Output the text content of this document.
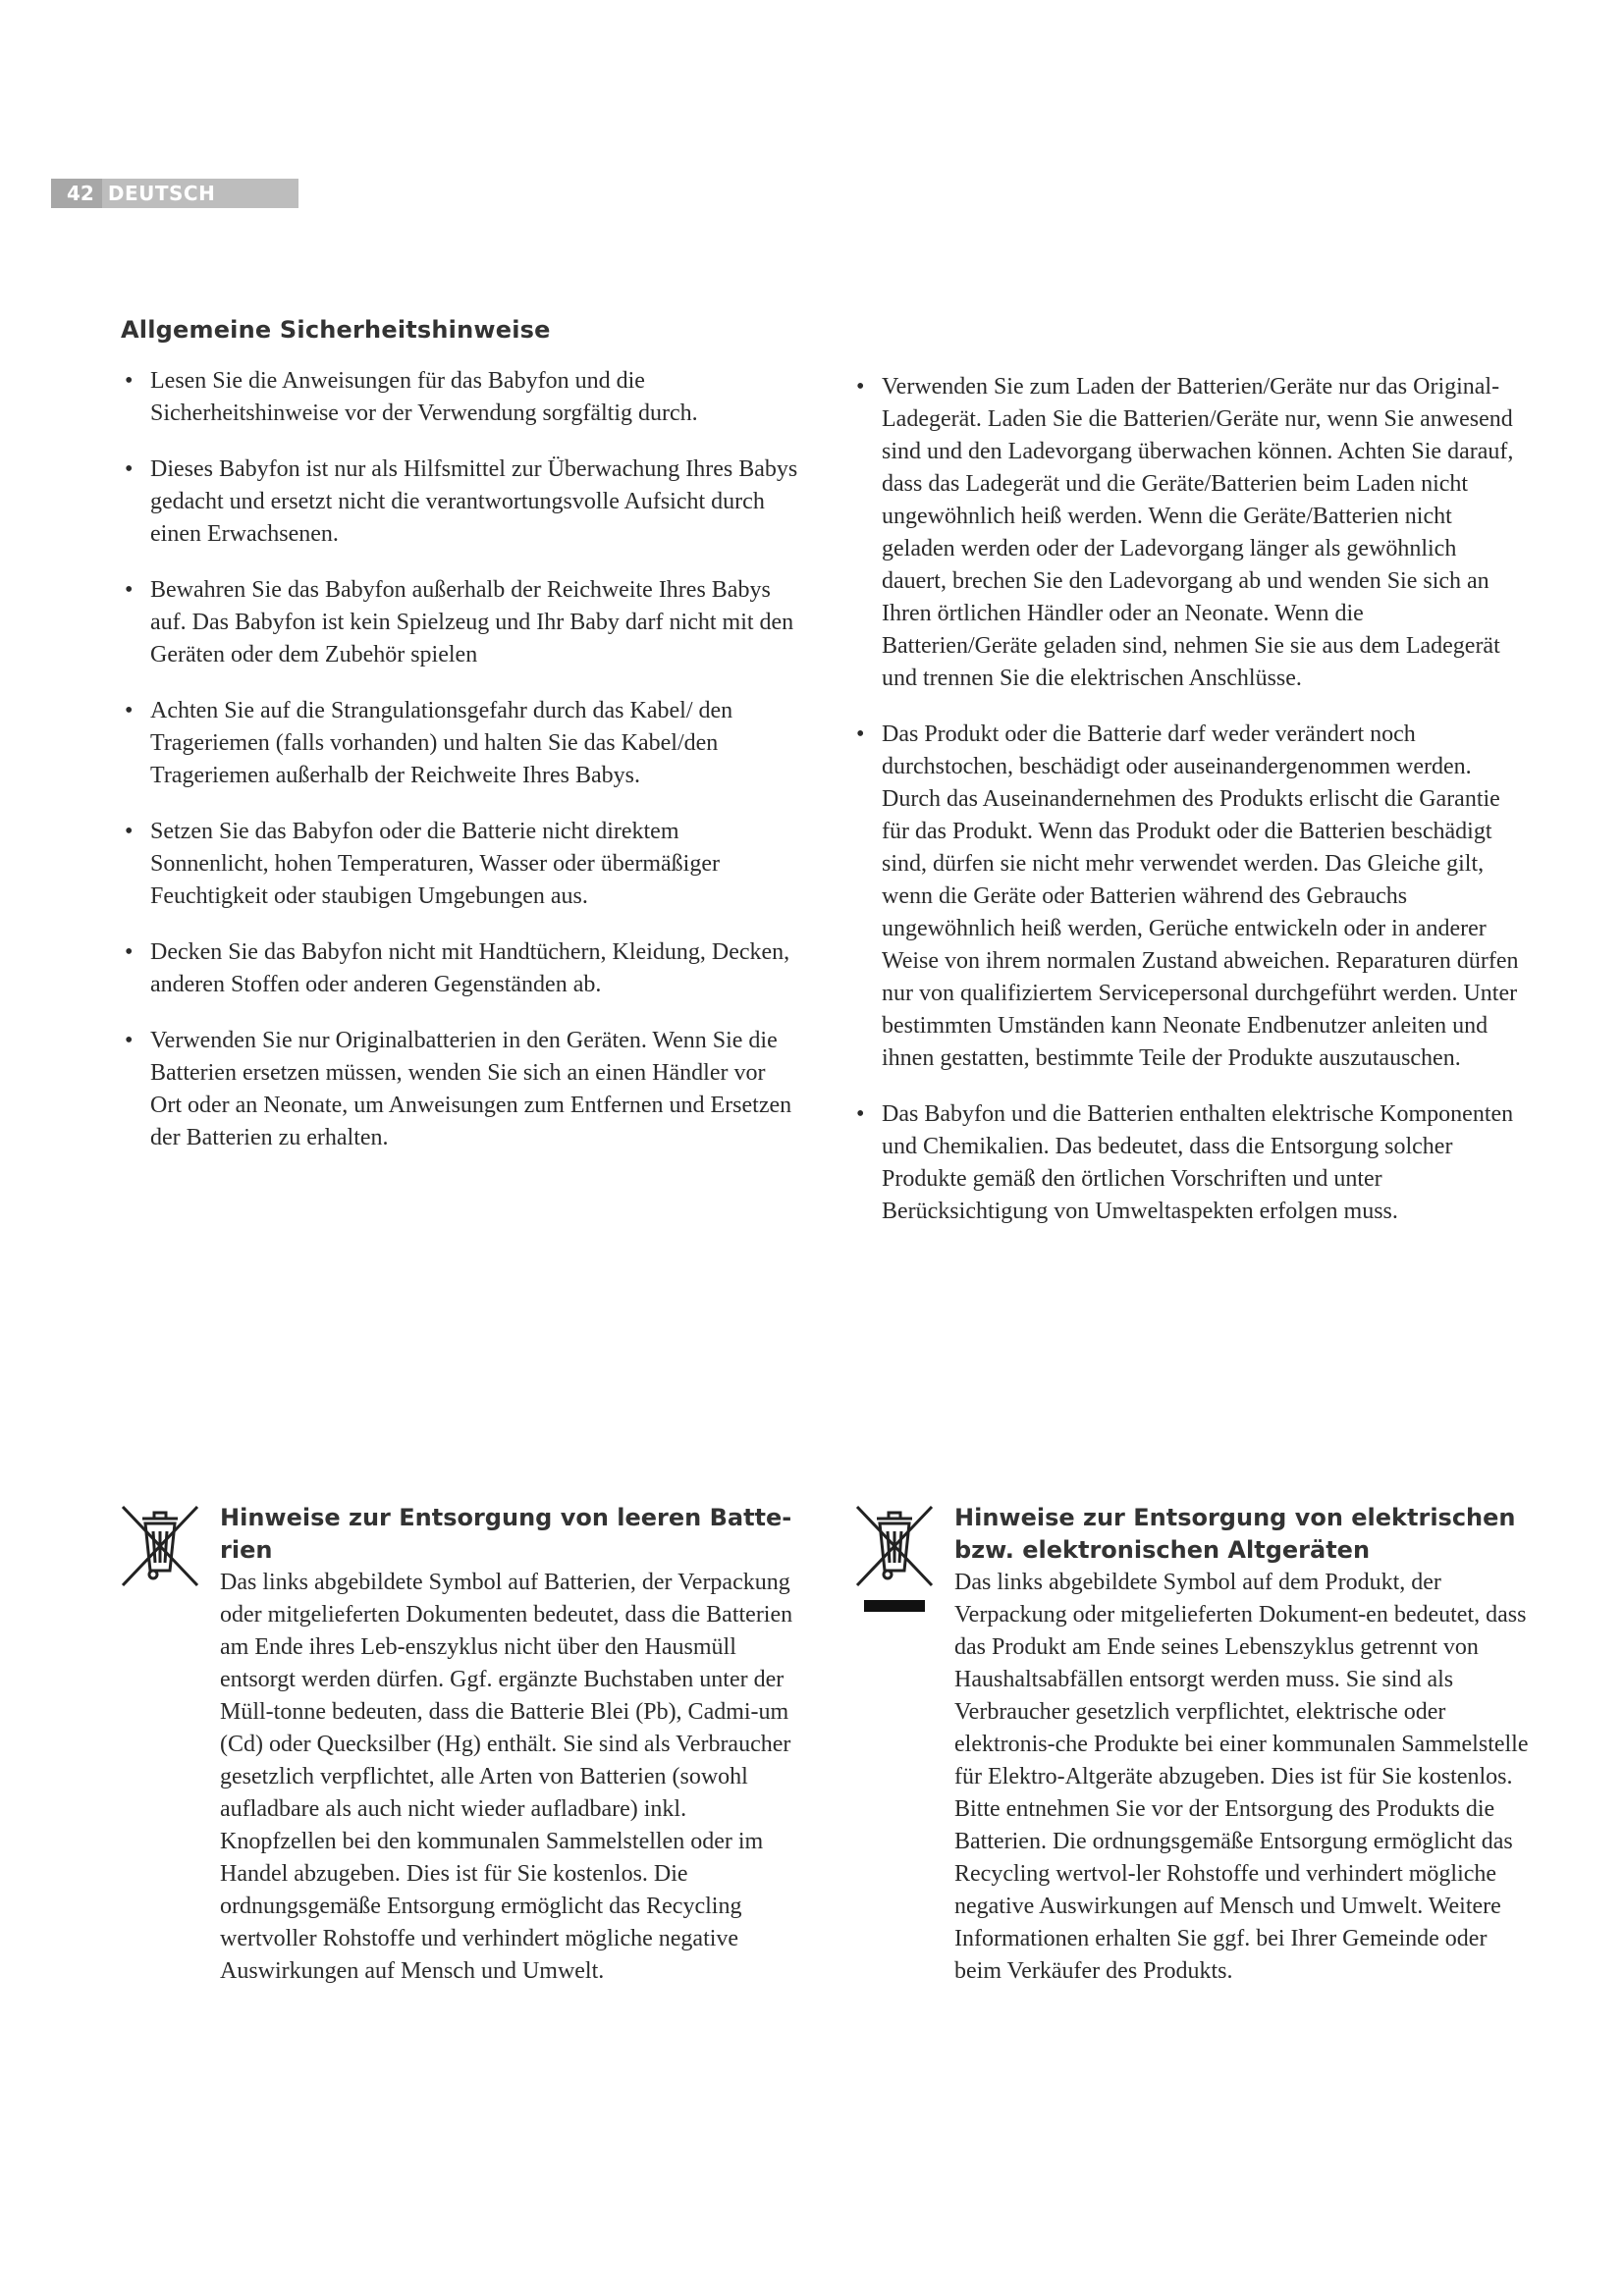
42 DEUTSCH
Allgemeine Sicherheitshinweise
• Lesen Sie die Anweisungen für das Babyfon und die Sicherheitshinweise vor der Verwendung sorgfältig durch.
• Dieses Babyfon ist nur als Hilfsmittel zur Überwachung Ihres Babys gedacht und ersetzt nicht die verantwortungsvolle Aufsicht durch einen Erwachsenen.
• Bewahren Sie das Babyfon außerhalb der Reichweite Ihres Babys auf. Das Babyfon ist kein Spielzeug und Ihr Baby darf nicht mit den Geräten oder dem Zubehör spielen
• Achten Sie auf die Strangulationsgefahr durch das Kabel/ den Trageriemen (falls vorhanden) und halten Sie das Kabel/den Trageriemen außerhalb der Reichweite Ihres Babys.
• Setzen Sie das Babyfon oder die Batterie nicht direktem Sonnenlicht, hohen Temperaturen, Wasser oder übermäßiger Feuchtigkeit oder staubigen Umgebungen aus.
• Decken Sie das Babyfon nicht mit Handtüchern, Kleidung, Decken, anderen Stoffen oder anderen Gegenständen ab.
• Verwenden Sie nur Originalbatterien in den Geräten. Wenn Sie die Batterien ersetzen müssen, wenden Sie sich an einen Händler vor Ort oder an Neonate, um Anweisungen zum Entfernen und Ersetzen der Batterien zu erhalten.
• Verwenden Sie zum Laden der Batterien/Geräte nur das Original-Ladegerät. Laden Sie die Batterien/Geräte nur, wenn Sie anwesend sind und den Ladevorgang überwachen können. Achten Sie darauf, dass das Ladegerät und die Geräte/Batterien beim Laden nicht ungewöhnlich heiß werden. Wenn die Geräte/Batterien nicht geladen werden oder der Ladevorgang länger als gewöhnlich dauert, brechen Sie den Ladevorgang ab und wenden Sie sich an Ihren örtlichen Händler oder an Neonate. Wenn die Batterien/Geräte geladen sind, nehmen Sie sie aus dem Ladegerät und trennen Sie die elektrischen Anschlüsse.
• Das Produkt oder die Batterie darf weder verändert noch durchstochen, beschädigt oder auseinandergenommen werden. Durch das Auseinandernehmen des Produkts erlischt die Garantie für das Produkt. Wenn das Produkt oder die Batterien beschädigt sind, dürfen sie nicht mehr verwendet werden. Das Gleiche gilt, wenn die Geräte oder Batterien während des Gebrauchs ungewöhnlich heiß werden, Gerüche entwickeln oder in anderer Weise von ihrem normalen Zustand abweichen. Reparaturen dürfen nur von qualifiziertem Servicepersonal durchgeführt werden. Unter bestimmten Umständen kann Neonate Endbenutzer anleiten und ihnen gestatten, bestimmte Teile der Produkte auszutauschen.
• Das Babyfon und die Batterien enthalten elektrische Komponenten und Chemikalien. Das bedeutet, dass die Entsorgung solcher Produkte gemäß den örtlichen Vorschriften und unter Berücksichtigung von Umweltaspekten erfolgen muss.
Hinweise zur Entsorgung von leeren Batte-rien

Das links abgebildete Symbol auf Batterien, der Verpackung oder mitgelieferten Dokumenten bedeutet, dass die Batterien am Ende ihres Leb-enszyklus nicht über den Hausmüll entsorgt werden dürfen. Ggf. ergänzte Buchstaben unter der Müll-tonne bedeuten, dass die Batterie Blei (Pb), Cadmi-um (Cd) oder Quecksilber (Hg) enthält. Sie sind als Verbraucher gesetzlich verpflichtet, alle Arten von Batterien (sowohl aufladbare als auch nicht wieder aufladbare) inkl. Knopfzellen bei den kommunalen Sammelstellen oder im Handel abzugeben. Dies ist für Sie kostenlos. Die ordnungsgemäße Entsorgung ermöglicht das Recycling wertvoller Rohstoffe und verhindert mögliche negative Auswirkungen auf Mensch und Umwelt.

Hinweise zur Entsorgung von elektrischen bzw. elektronischen Altgeräten

Das links abgebildete Symbol auf dem Produkt, der Verpackung oder mitgelieferten Dokument-en bedeutet, dass das Produkt am Ende seines Lebenszyklus getrennt von Haushaltsabfällen entsorgt werden muss. Sie sind als Verbraucher gesetzlich verpflichtet, elektrische oder elektronis-che Produkte bei einer kommunalen Sammelstelle für Elektro-Altgeräte abzugeben. Dies ist für Sie kostenlos. Bitte entnehmen Sie vor der Entsorgung des Produkts die Batterien. Die ordnungsgemäße Entsorgung ermöglicht das Recycling wertvol-ler Rohstoffe und verhindert mögliche negative Auswirkungen auf Mensch und Umwelt. Weitere Informationen erhalten Sie ggf. bei Ihrer Gemeinde oder beim Verkäufer des Produkts.
